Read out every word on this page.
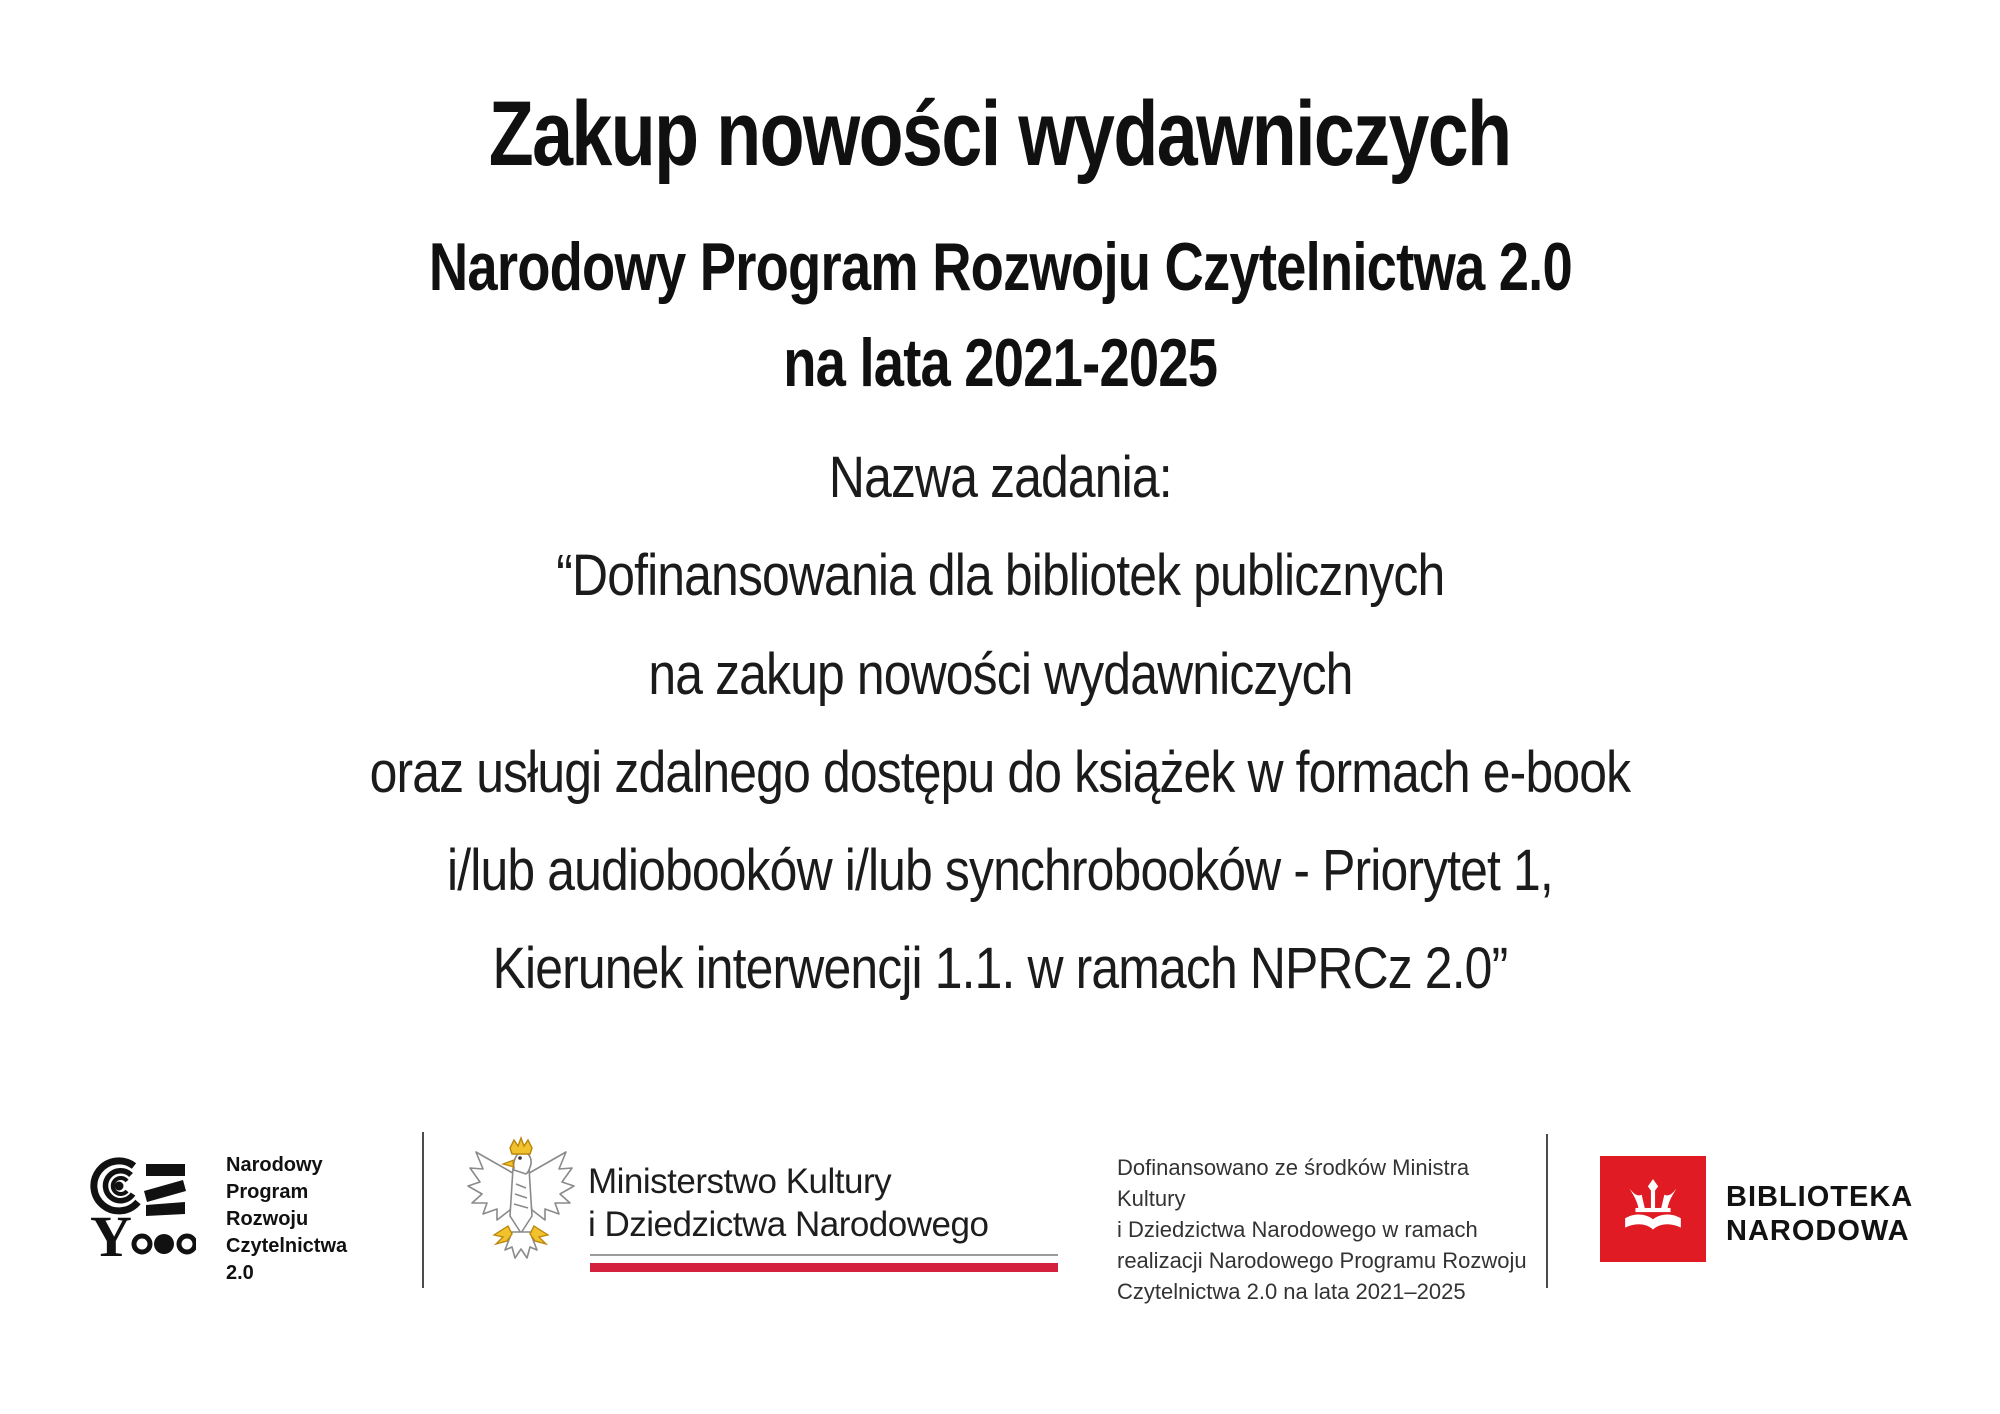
Zakup nowości wydawniczych
Narodowy Program Rozwoju Czytelnictwa 2.0
na lata 2021-2025
Nazwa zadania:
“Dofinansowania dla bibliotek publicznych
na zakup nowości wydawniczych
oraz usługi zdalnego dostępu do książek w formach e-book
i/lub audiobooków i/lub synchrobooków - Priorytet 1,
Kierunek interwencji 1.1. w ramach NPRCz 2.0”
Y
Narodowy
Program
Rozwoju
Czytelnictwa
2.0
Ministerstwo Kultury
i Dziedzictwa Narodowego
Dofinansowano ze środków Ministra Kultury
i Dziedzictwa Narodowego w ramach
realizacji Narodowego Programu Rozwoju
Czytelnictwa 2.0 na lata 2021–2025
BIBLIOTEKA
NARODOWA
